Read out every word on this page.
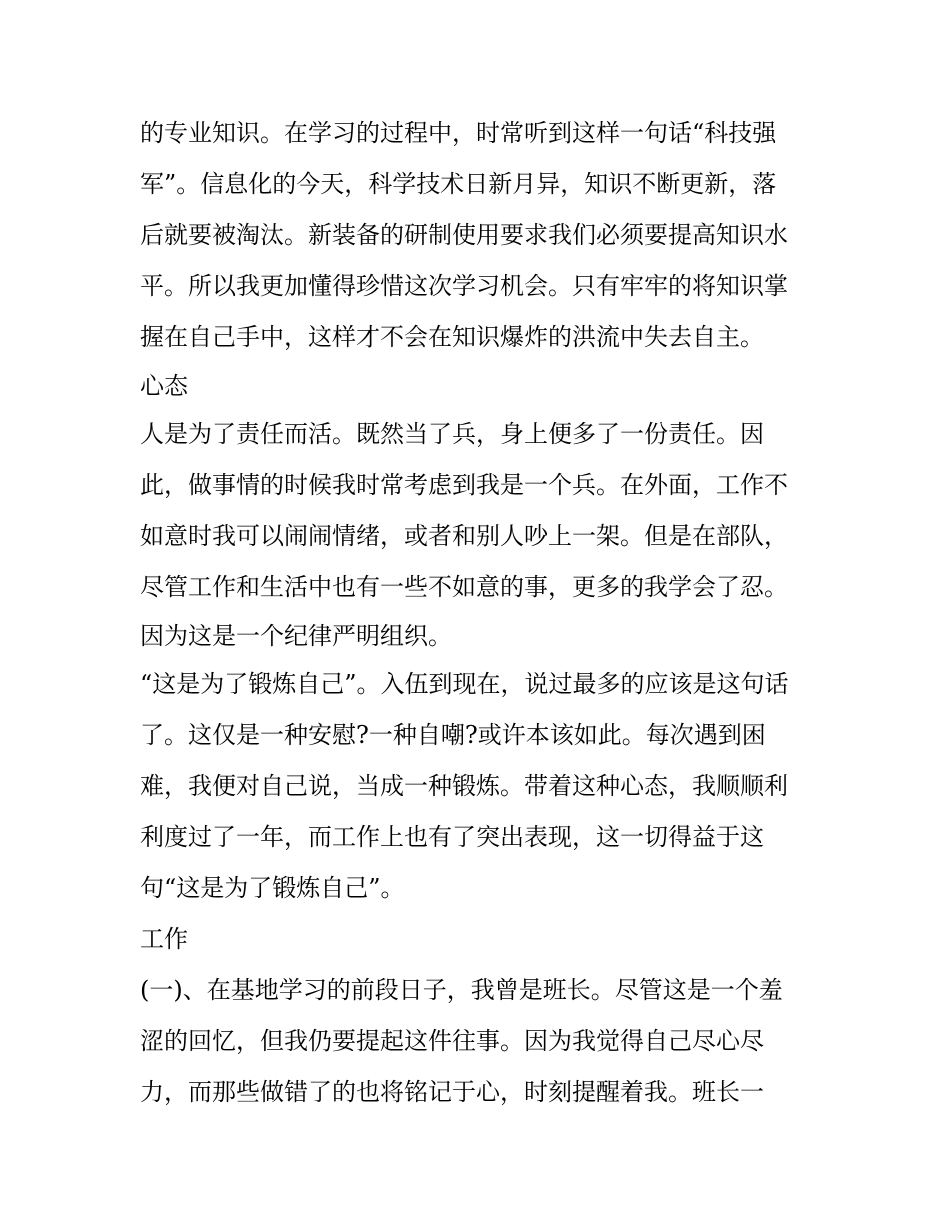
的专业知识。在学习的过程中，时常听到这样一句话“科技强
军”。信息化的今天，科学技术日新月异，知识不断更新，落
后就要被淘汰。新装备的研制使用要求我们必须要提高知识水
平。所以我更加懂得珍惜这次学习机会。只有牢牢的将知识掌
握在自己手中，这样才不会在知识爆炸的洪流中失去自主。
心态
人是为了责任而活。既然当了兵，身上便多了一份责任。因
此，做事情的时候我时常考虑到我是一个兵。在外面，工作不
如意时我可以闹闹情绪，或者和别人吵上一架。但是在部队，
尽管工作和生活中也有一些不如意的事，更多的我学会了忍。
因为这是一个纪律严明组织。
“这是为了锻炼自己”。入伍到现在，说过最多的应该是这句话
了。这仅是一种安慰?一种自嘲?或许本该如此。每次遇到困
难，我便对自己说，当成一种锻炼。带着这种心态，我顺顺利
利度过了一年，而工作上也有了突出表现，这一切得益于这
句“这是为了锻炼自己”。
工作
(一)、在基地学习的前段日子，我曾是班长。尽管这是一个羞
涩的回忆，但我仍要提起这件往事。因为我觉得自己尽心尽
力，而那些做错了的也将铭记于心，时刻提醒着我。班长一
